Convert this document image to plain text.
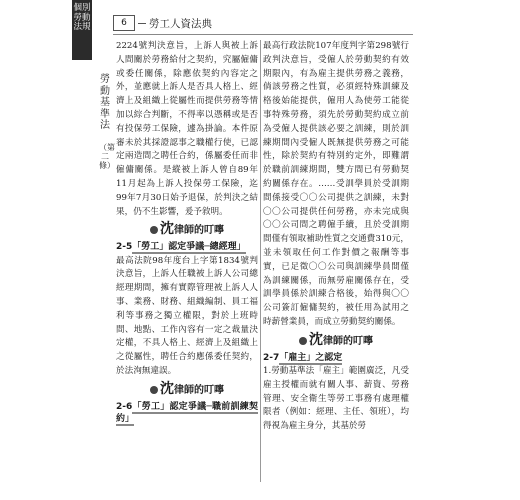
個別勞動法規
勞動基準法
（第二條）
6	勞工人資法典

2224號判決意旨，上訴人與被上訴人間關於勞務給付之契約，究屬僱傭或委任關係，除應依契約內容定之外，並應就上訴人是否具人格上、經濟上及組織上從屬性而提供勞務等情加以綜合判斷，不得率以憑稱或是否有投保勞工保險，遽為掛論。本件原審未於其採證認事之職權行使，已認定兩造間之聘任合約，係屬委任而非僱傭關係。是縱被上訴人曾自89年11月起為上訴人投保勞工保險，迄99年7月30日始予退保，於判決之結果，仍不生影響，爰予敘明。

沈律師的叮嚀
2-5「勞工」認定爭議─總經理」

最高法院98年度台上字第1834號判決意旨，上訴人任職被上訴人公司總經理期間，擁有實際管理被上訴人人事、業務、財務、組織編制、員工福利等事務之獨立權限，對於上班時間、地點、工作內容有一定之裁量決定權，不具人格上、經濟上及組織上之從屬性，聘任合約應係委任契約，於法洵無違誤。

沈律師的叮嚀
2-6「勞工」認定爭議─職前訓練契約」

最高行政法院107年度判字第298號行政判決意旨，受僱人於勞動契約有效期限內，有為雇主提供勞務之義務，倘該勞務之性質，必須經特殊訓練及格後始能提供，僱用人為使勞工能從事特殊勞務，須先於勞動契約成立前為受僱人提供該必要之訓練，則於訓練期間內受僱人既無提供勞務之可能性，除於契約有特別約定外，即難謂於職前訓練期間，雙方間已有勞動契約關係存在。……受訓學員於受訓期間係接受〇〇公司提供之訓練，未對〇〇公司提供任何勞務，亦未完成與〇〇公司間之聘僱手續，且於受訓期間僅有領取補助性質之交通費310元，並未領取任何工作對價之報酬等事實，已足徵〇〇公司與訓練學員間僅為訓練關係，而無勞雇關係存在，受訓學員係於訓練合格後，始得與〇〇公司簽訂僱傭契約，被任用為試用之時薪營業員，而成立勞動契約關係。

沈律師的叮嚀
2-7「雇主」之認定

1.勞動基準法「雇主」範圍廣泛，凡受雇主授權而就有關人事、薪資、勞務管理、安全衛生等勞工事務有處理權限者（例如：經理、主任、領班），均得視為雇主身分，其基於勞
